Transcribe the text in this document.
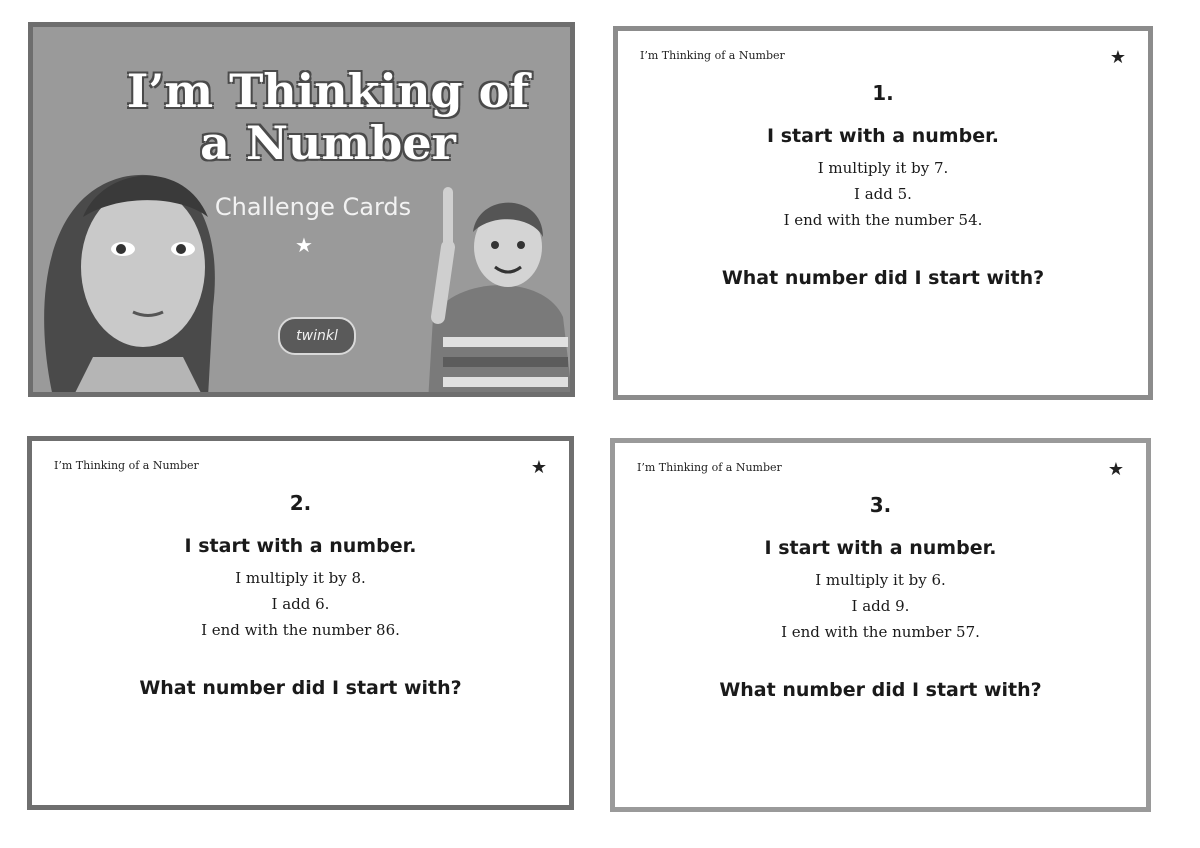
I’m Thinking of
a Number
Challenge Cards
★
twinkl
I’m Thinking of a Number	★
1.
I start with a number.
I multiply it by 7.
I add 5.
I end with the number 54.
What number did I start with?
I’m Thinking of a Number	★
2.
I start with a number.
I multiply it by 8.
I add 6.
I end with the number 86.
What number did I start with?
I’m Thinking of a Number	★
3.
I start with a number.
I multiply it by 6.
I add 9.
I end with the number 57.
What number did I start with?
